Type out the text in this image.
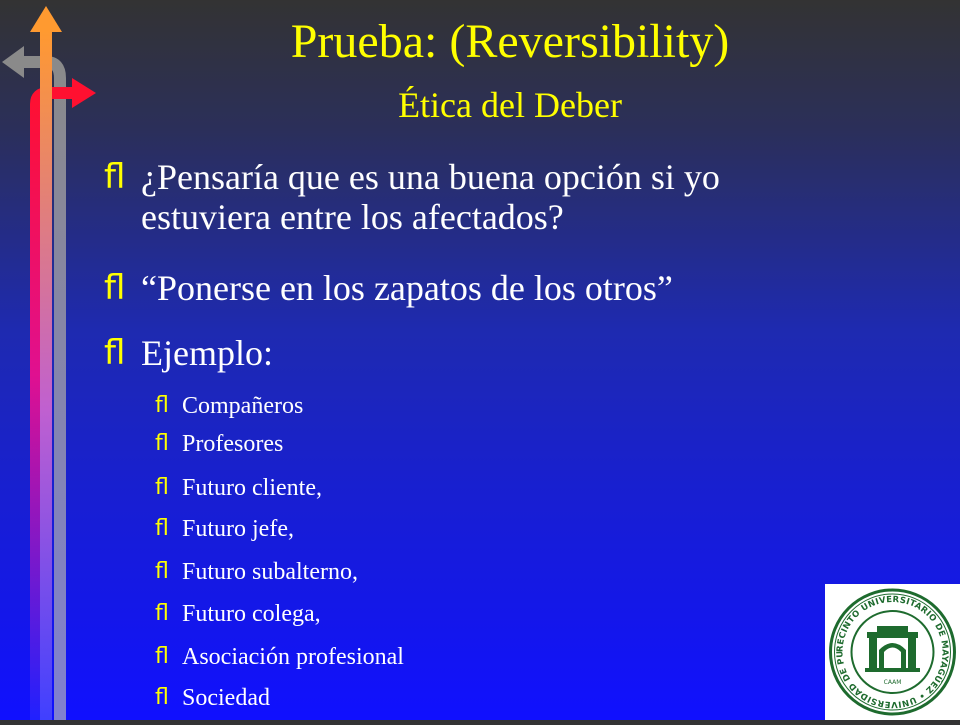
Prueba: (Reversibility)
Ética del Deber
ﬂ ¿Pensaría que es una buena opción si yo estuviera entre los afectados?
ﬂ “Ponerse en los zapatos de los otros”
ﬂ Ejemplo:
ﬂ Compañeros
ﬂ Profesores
ﬂ Futuro cliente,
ﬂ Futuro jefe,
ﬂ Futuro subalterno,
ﬂ Futuro colega,
ﬂ Asociación profesional
ﬂ Sociedad
RECINTO UNIVERSITARIO DE MAYAGÜEZ • UNIVERSIDAD DE PU
CAAM
